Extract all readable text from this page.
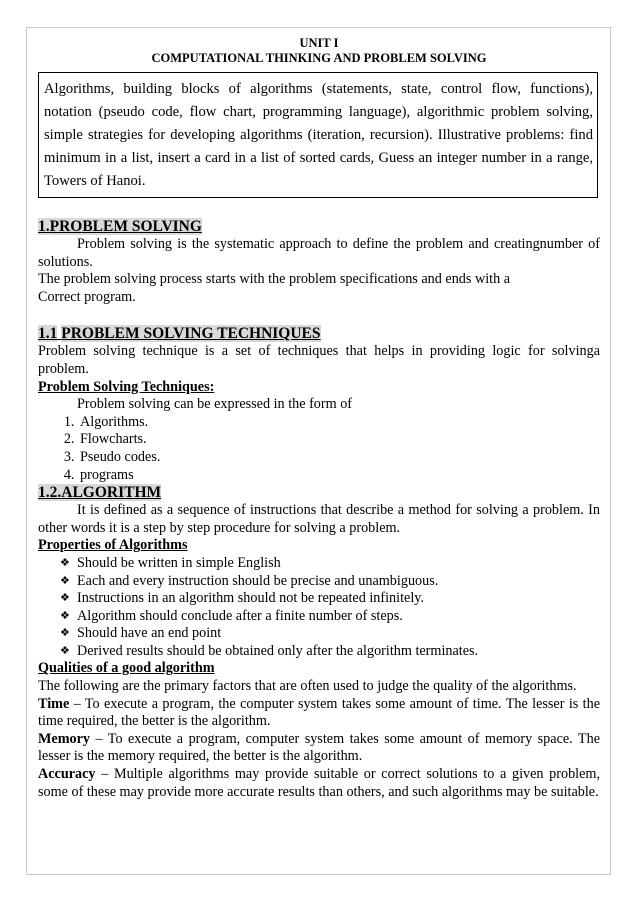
UNIT I
COMPUTATIONAL THINKING AND PROBLEM SOLVING
Algorithms, building blocks of algorithms (statements, state, control flow, functions), notation (pseudo code, flow chart, programming language), algorithmic problem solving, simple strategies for developing algorithms (iteration, recursion). Illustrative problems: find minimum in a list, insert a card in a list of sorted cards, Guess an integer number in a range, Towers of Hanoi.
1.PROBLEM SOLVING
Problem solving is the systematic approach to define the problem and creatingnumber of solutions.
The problem solving process starts with the problem specifications and ends with a
Correct program.
1.1 PROBLEM SOLVING TECHNIQUES
Problem solving technique is a set of techniques that helps in providing logic for solvinga problem.
Problem Solving Techniques:
Problem solving can be expressed in the form of
1. Algorithms.
2. Flowcharts.
3. Pseudo codes.
4. programs
1.2.ALGORITHM
It is defined as a sequence of instructions that describe a method for solving a problem. In other words it is a step by step procedure for solving a problem.
Properties of Algorithms
❖ Should be written in simple English
❖ Each and every instruction should be precise and unambiguous.
❖ Instructions in an algorithm should not be repeated infinitely.
❖ Algorithm should conclude after a finite number of steps.
❖ Should have an end point
❖ Derived results should be obtained only after the algorithm terminates.
Qualities of a good algorithm
The following are the primary factors that are often used to judge the quality of the algorithms.
Time – To execute a program, the computer system takes some amount of time. The lesser is the time required, the better is the algorithm.
Memory – To execute a program, computer system takes some amount of memory space. The lesser is the memory required, the better is the algorithm.
Accuracy – Multiple algorithms may provide suitable or correct solutions to a given problem, some of these may provide more accurate results than others, and such algorithms may be suitable.
